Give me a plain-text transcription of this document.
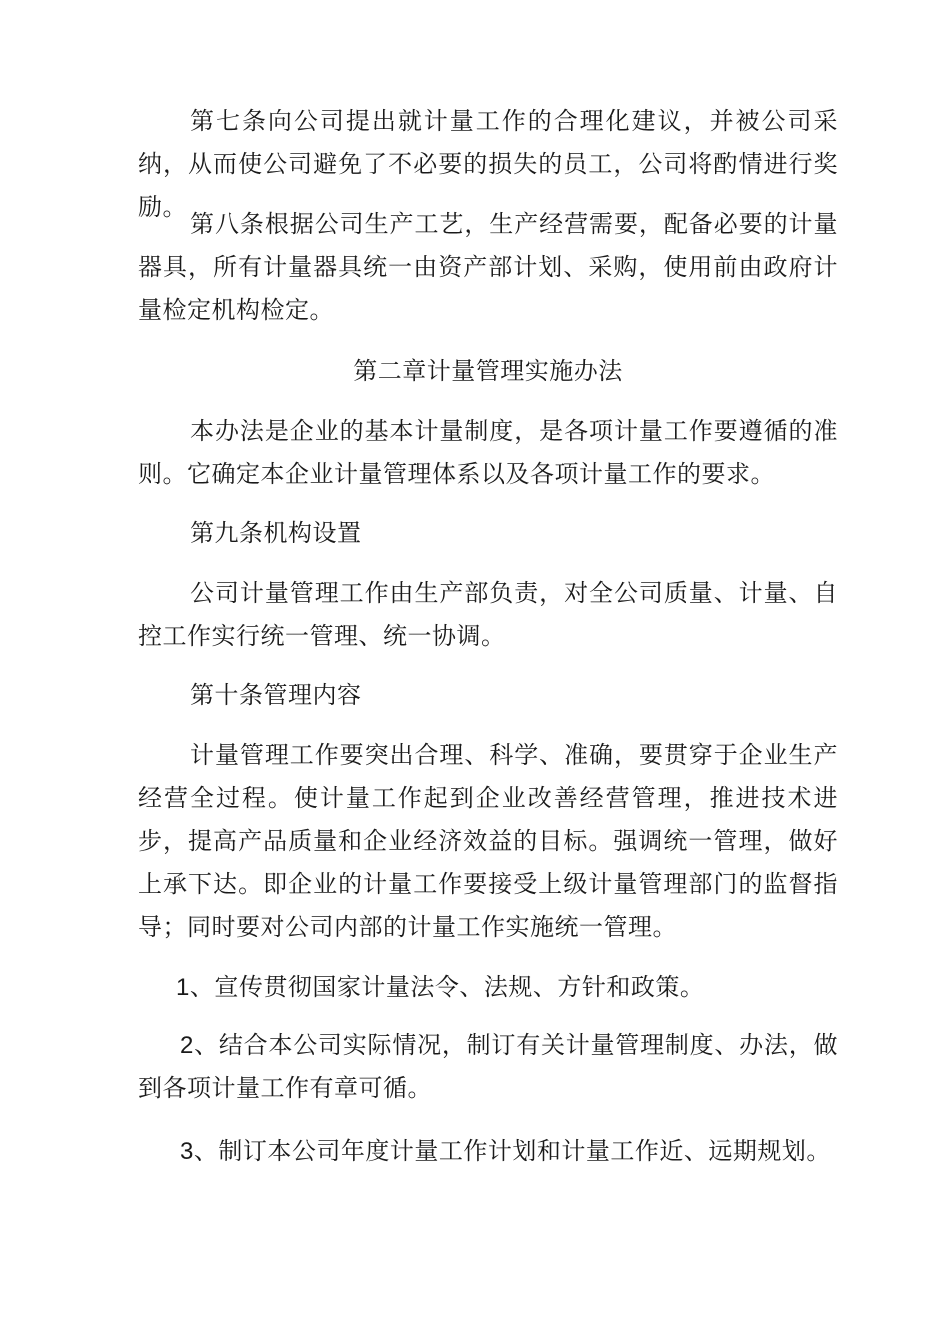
第七条向公司提出就计量工作的合理化建议，并被公司采纳，从而使公司避免了不必要的损失的员工，公司将酌情进行奖励。

第八条根据公司生产工艺，生产经营需要，配备必要的计量器具，所有计量器具统一由资产部计划、采购，使用前由政府计量检定机构检定。

第二章计量管理实施办法

本办法是企业的基本计量制度，是各项计量工作要遵循的准则。它确定本企业计量管理体系以及各项计量工作的要求。

第九条机构设置

公司计量管理工作由生产部负责，对全公司质量、计量、自控工作实行统一管理、统一协调。

第十条管理内容

计量管理工作要突出合理、科学、准确，要贯穿于企业生产经营全过程。使计量工作起到企业改善经营管理，推进技术进步，提高产品质量和企业经济效益的目标。强调统一管理，做好上承下达。即企业的计量工作要接受上级计量管理部门的监督指导；同时要对公司内部的计量工作实施统一管理。

1、宣传贯彻国家计量法令、法规、方针和政策。

2、结合本公司实际情况，制订有关计量管理制度、办法，做到各项计量工作有章可循。

3、制订本公司年度计量工作计划和计量工作近、远期规划。
